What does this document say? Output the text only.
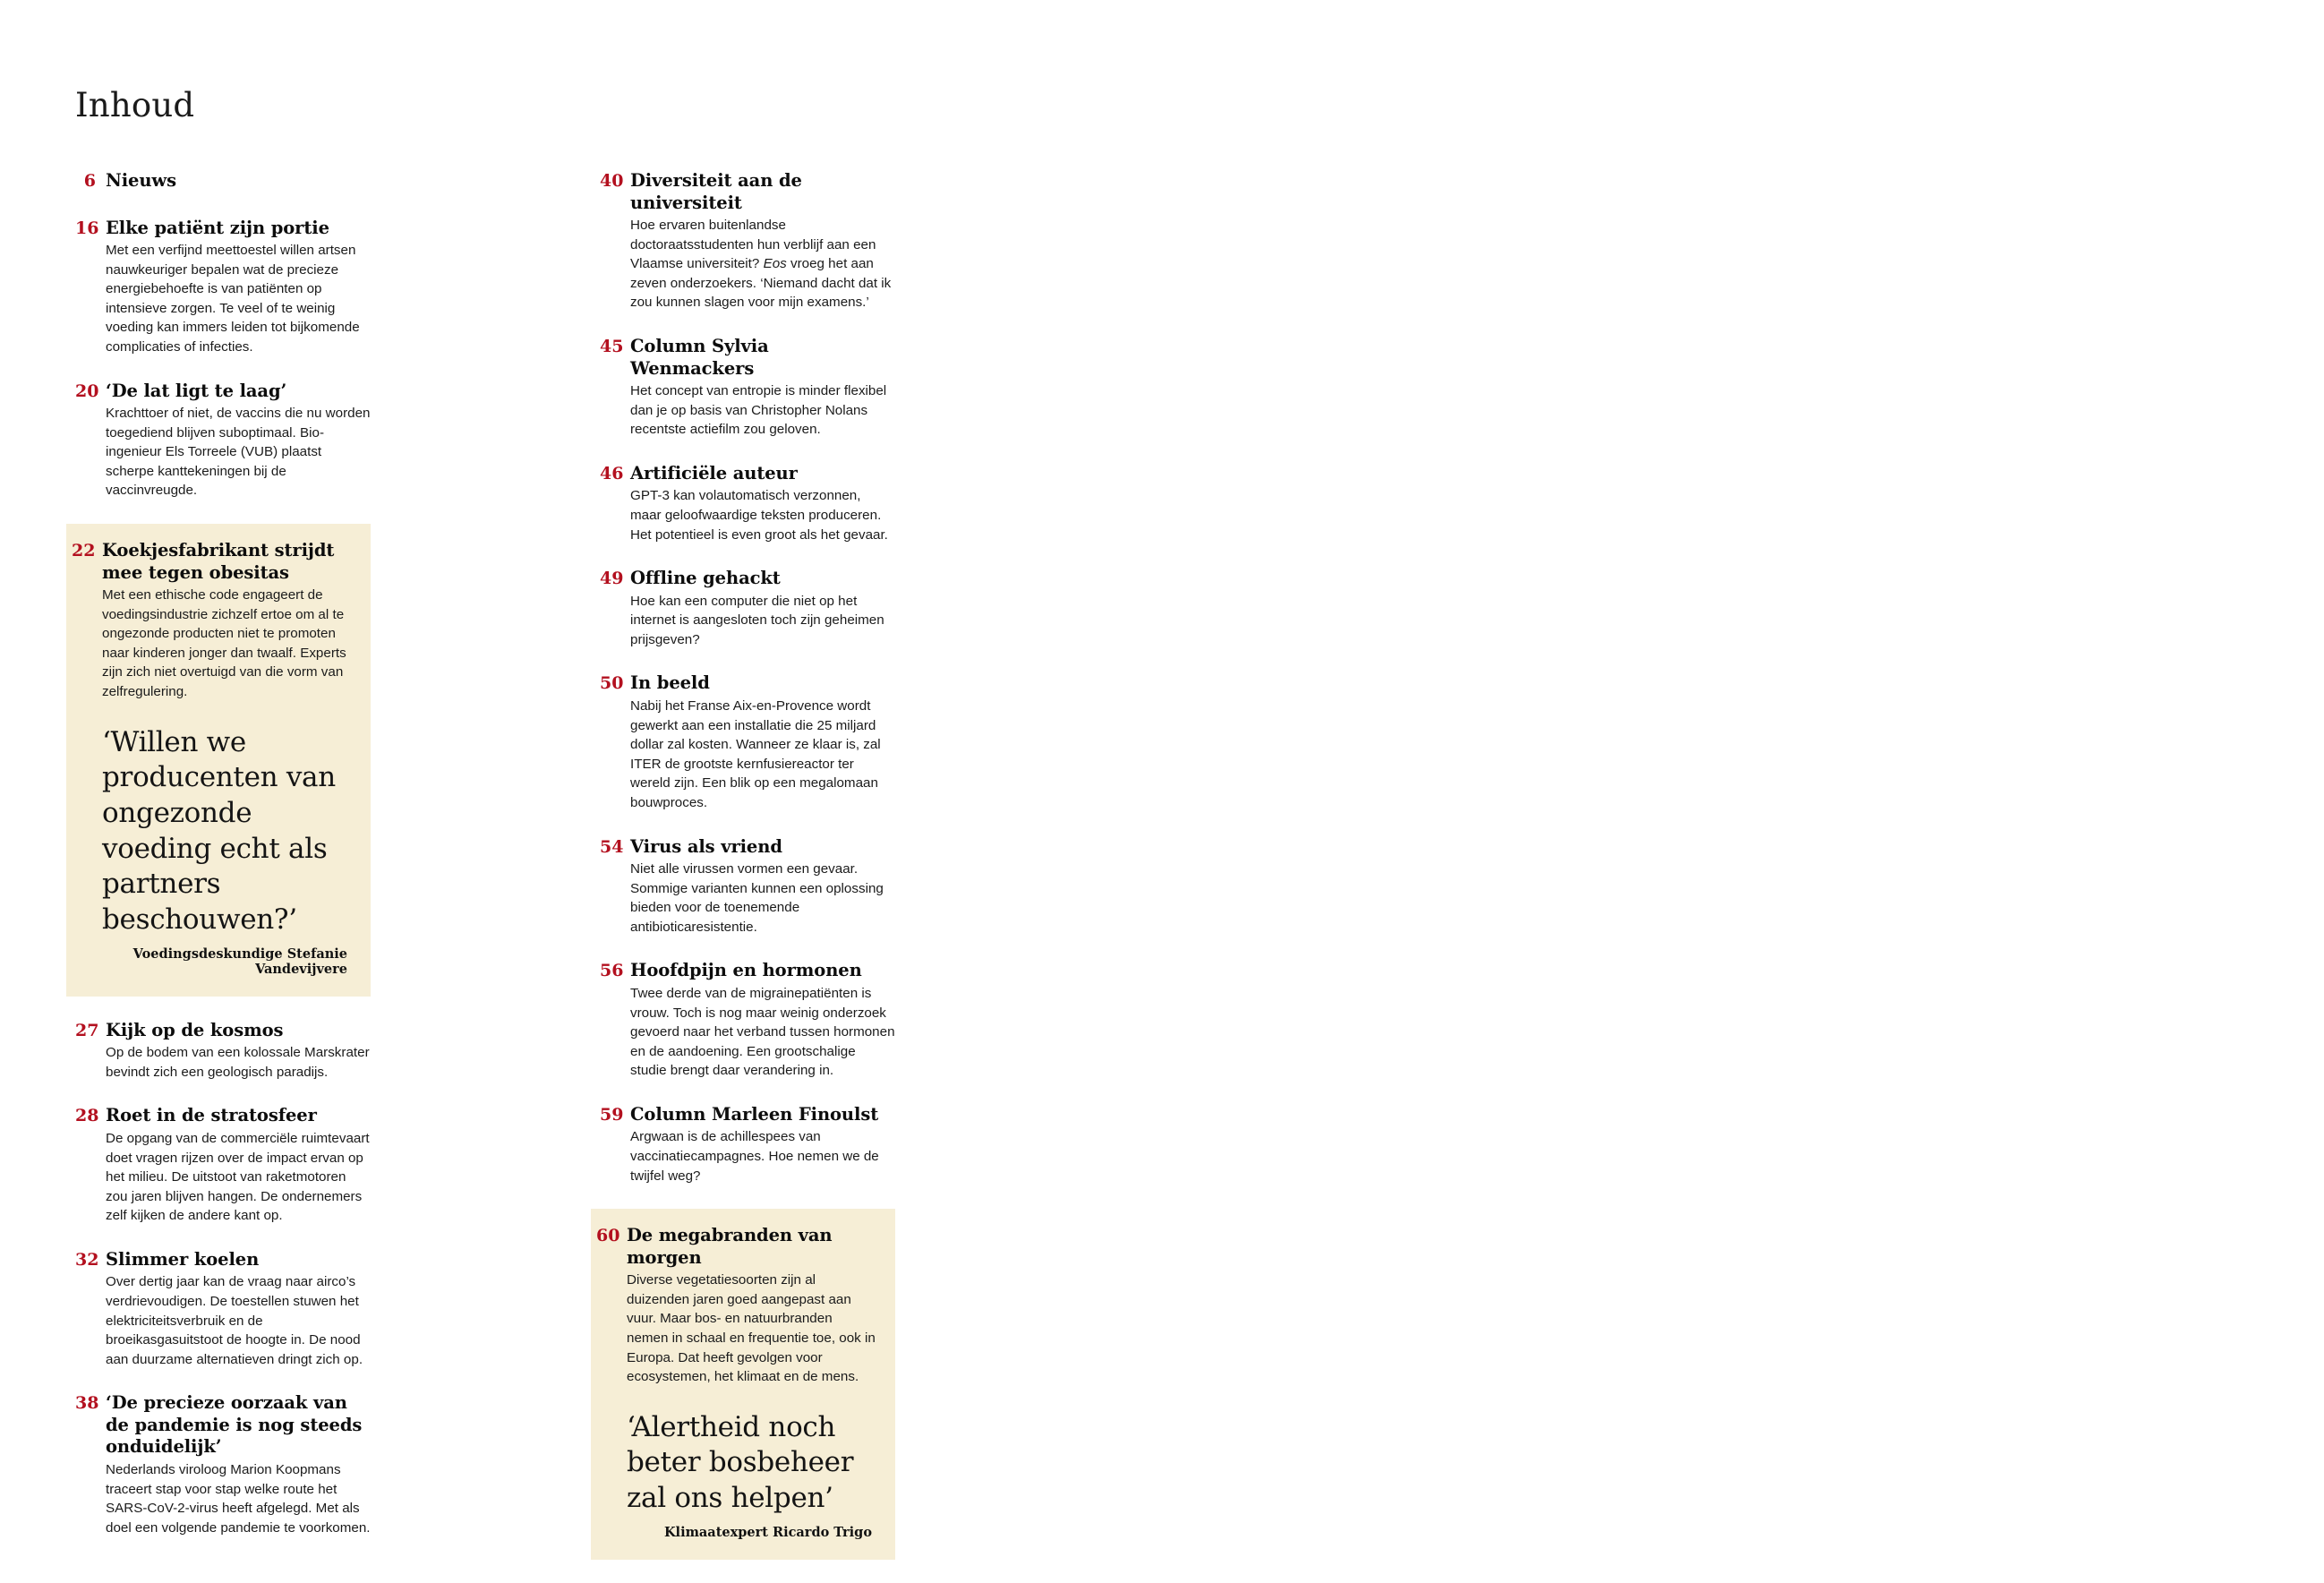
Inhoud
6 Nieuws
16 Elke patiënt zijn portie

Met een verfijnd meettoestel willen artsen nauwkeuriger bepalen wat de precieze energiebehoefte is van patiënten op intensieve zorgen. Te veel of te weinig voeding kan immers leiden tot bijkomende complicaties of infecties.

20 ‘De lat ligt te laag’

Krachttoer of niet, de vaccins die nu worden toegediend blijven suboptimaal. Bio-ingenieur Els Torreele (VUB) plaatst scherpe kanttekeningen bij de vaccinvreugde.

22 Koekjesfabrikant strijdt mee tegen obesitas

Met een ethische code engageert de voedingsindustrie zichzelf ertoe om al te ongezonde producten niet te promoten naar kinderen jonger dan twaalf. Experts zijn zich niet overtuigd van die vorm van zelfregulering.

‘Willen we producenten van ongezonde voeding echt als partners beschouwen?’
Voedingsdeskundige Stefanie Vandevijvere
27 Kijk op de kosmos

Op de bodem van een kolossale Marskrater bevindt zich een geologisch paradijs.

28 Roet in de stratosfeer

De opgang van de commerciële ruimtevaart doet vragen rijzen over de impact ervan op het milieu. De uitstoot van raketmotoren zou jaren blijven hangen. De ondernemers zelf kijken de andere kant op.

32 Slimmer koelen

Over dertig jaar kan de vraag naar airco’s verdrievoudigen. De toestellen stuwen het elektriciteitsverbruik en de broeikasgasuitstoot de hoogte in. De nood aan duurzame alternatieven dringt zich op.

38 ‘De precieze oorzaak van de pandemie is nog steeds onduidelijk’

Nederlands viroloog Marion Koopmans traceert stap voor stap welke route het SARS-CoV-2-virus heeft afgelegd. Met als doel een volgende pandemie te voorkomen.

40 Diversiteit aan de universiteit

Hoe ervaren buitenlandse doctoraatsstudenten hun verblijf aan een Vlaamse universiteit? Eos vroeg het aan zeven onderzoekers. ‘Niemand dacht dat ik zou kunnen slagen voor mijn examens.’

45 Column Sylvia Wenmackers

Het concept van entropie is minder flexibel dan je op basis van Christopher Nolans recentste actiefilm zou geloven.

46 Artificiële auteur

GPT-3 kan volautomatisch verzonnen, maar geloofwaardige teksten produceren. Het potentieel is even groot als het gevaar.

49 Offline gehackt

Hoe kan een computer die niet op het internet is aangesloten toch zijn geheimen prijsgeven?

50 In beeld

Nabij het Franse Aix-en-Provence wordt gewerkt aan een installatie die 25 miljard dollar zal kosten. Wanneer ze klaar is, zal ITER de grootste kernfusiereactor ter wereld zijn. Een blik op een megalomaan bouwproces.

54 Virus als vriend

Niet alle virussen vormen een gevaar. Sommige varianten kunnen een oplossing bieden voor de toenemende antibioticaresistentie.

56 Hoofdpijn en hormonen

Twee derde van de migrainepatiënten is vrouw. Toch is nog maar weinig onderzoek gevoerd naar het verband tussen hormonen en de aandoening. Een grootschalige studie brengt daar verandering in.

59 Column Marleen Finoulst

Argwaan is de achillespees van vaccinatiecampagnes. Hoe nemen we de twijfel weg?

60 De megabranden van morgen

Diverse vegetatiesoorten zijn al duizenden jaren goed aangepast aan vuur. Maar bos- en natuurbranden nemen in schaal en frequentie toe, ook in Europa. Dat heeft gevolgen voor ecosystemen, het klimaat en de mens.

‘Alertheid noch beter bosbeheer zal ons helpen’
Klimaatexpert Ricardo Trigo
